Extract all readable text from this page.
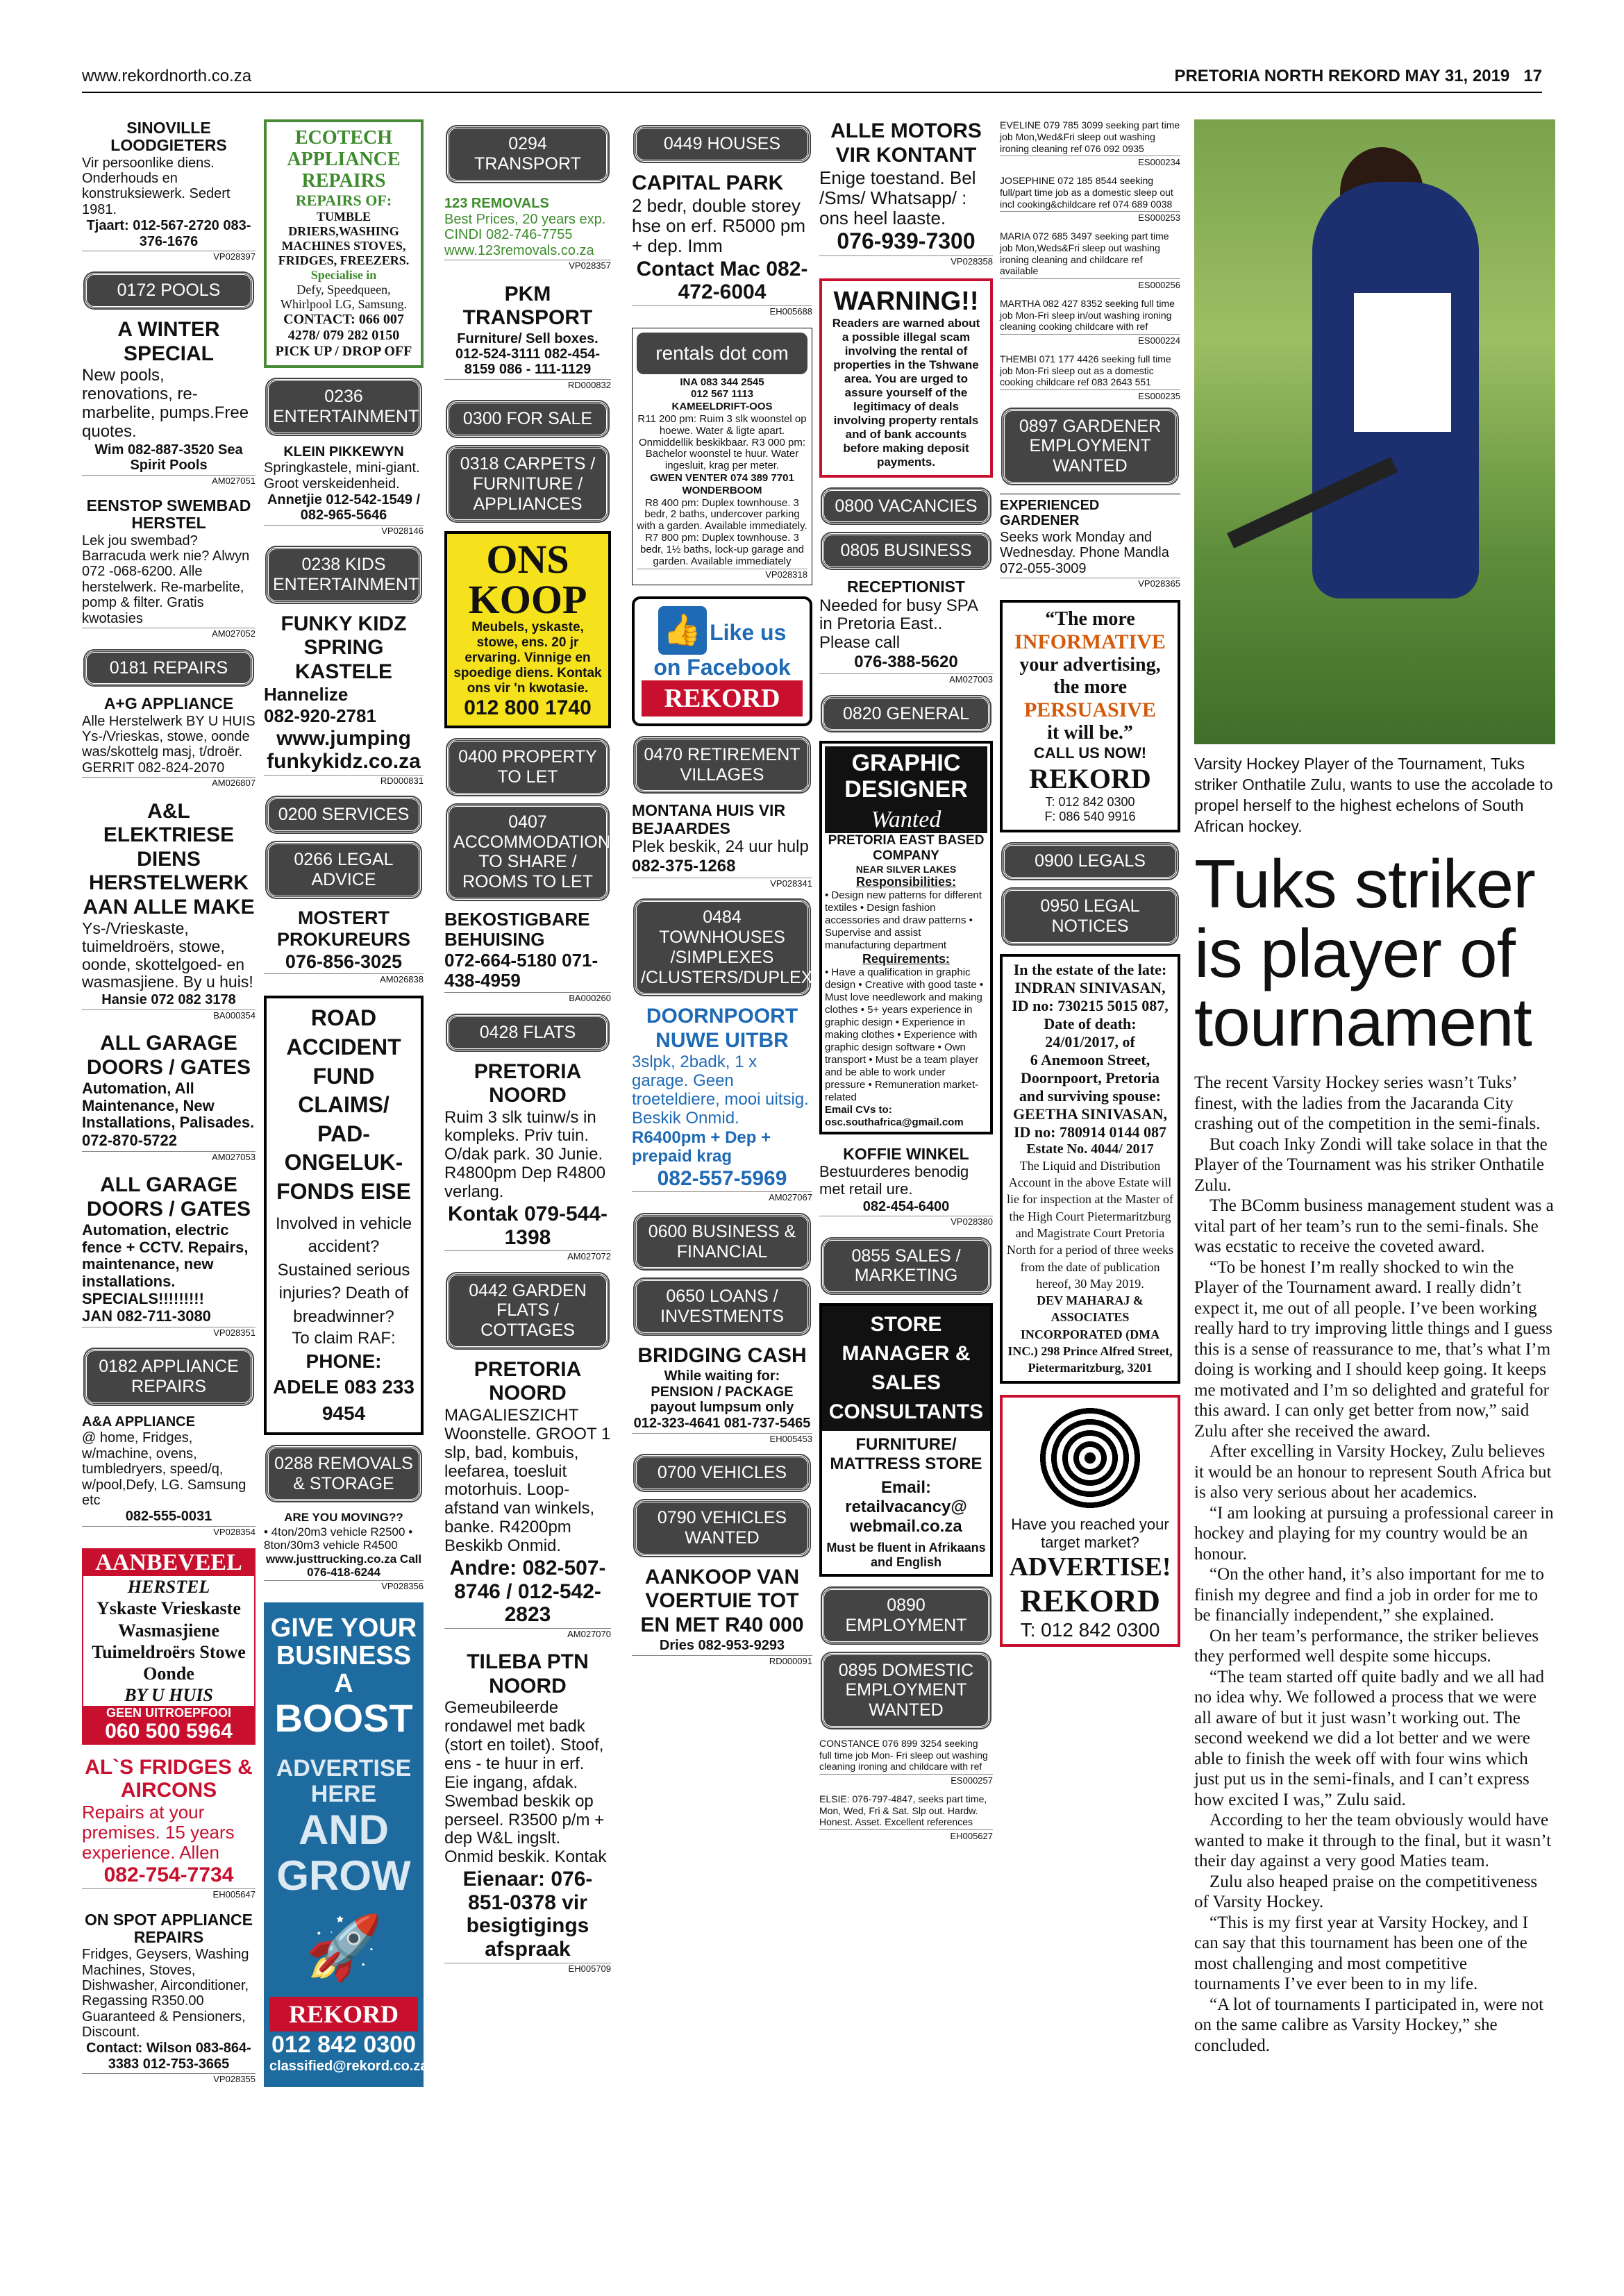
www.rekordnorth.co.za	PRETORIA NORTH REKORD MAY 31, 2019 17
SINOVILLE LOODGIETERS

Vir persoonlike diens. Onderhouds en konstruksiewerk. Sedert 1981.

Tjaart: 012-567-2720 083-376-1676

VP028397
0172 POOLS
A WINTER SPECIAL

New pools, renovations, re-marbelite, pumps.Free quotes.

Wim 082-887-3520 Sea Spirit Pools

AM027051
EENSTOP SWEMBAD HERSTEL

Lek jou swembad? Barracuda werk nie? Alwyn 072 -068-6200. Alle herstelwerk. Re-marbelite, pomp & filter. Gratis kwotasies

AM027052
0181 REPAIRS
A+G APPLIANCE

Alle Herstelwerk BY U HUIS Ys-/Vrieskas, stowe, oonde was/skottelg masj, t/droër. GERRIT 082-824-2070

AM026807
A&L ELEKTRIESE DIENS HERSTELWERK AAN ALLE MAKE

Ys-/Vrieskaste, tuimeldroërs, stowe, oonde, skottelgoed- en wasmasjiene. By u huis!

Hansie 072 082 3178

BA000354
ALL GARAGE DOORS / GATES

Automation, All Maintenance, New Installations, Palisades.

072-870-5722

AM027053
ALL GARAGE DOORS / GATES

Automation, electric fence + CCTV. Repairs, maintenance, new installations. SPECIALS!!!!!!!!!

JAN 082-711-3080

VP028351
0182 APPLIANCE REPAIRS

A&A APPLIANCE

@ home, Fridges, w/machine, ovens, tumbledryers, speed/q, w/pool,Defy, LG. Samsung etc

082-555-0031

VP028354
AANBEVEEL

HERSTEL

Yskaste Vrieskaste Wasmasjiene Tuimeldroërs Stowe Oonde

BY U HUIS

GEEN UITROEPFOOI
060 500 5964
AL`S FRIDGES & AIRCONS

Repairs at your premises. 15 years experience. Allen

082-754-7734

EH005647
ON SPOT APPLIANCE REPAIRS

Fridges, Geysers, Washing Machines, Stoves, Dishwasher, Airconditioner, Regassing R350.00 Guaranteed & Pensioners, Discount.

Contact: Wilson 083-864-3383 012-753-3665

VP028355
ECOTECH APPLIANCE REPAIRS
REPAIRS OF:
TUMBLE DRIERS,WASHING MACHINES STOVES, FRIDGES, FREEZERS.
Specialise in
Defy, Speedqueen, Whirlpool LG, Samsung.
CONTACT: 066 007 4278/ 079 282 0150
PICK UP / DROP OFF
0236 ENTERTAINMENT

KLEIN PIKKEWYN

Springkastele, mini-giant. Groot verskeidenheid.

Annetjie 012-542-1549 / 082-965-5646

VP028146
0238 KIDS ENTERTAINMENT
FUNKY KIDZ SPRING KASTELE

Hannelize

082-920-2781

www.jumping funkykidz.co.za

RD000831
0200 SERVICES
0266 LEGAL ADVICE
MOSTERT PROKUREURS

076-856-3025

AM026838
ROAD ACCIDENT FUND CLAIMS/ PAD-ONGELUK-FONDS EISE

Involved in vehicle accident? Sustained serious injuries? Death of breadwinner?

To claim RAF:

PHONE: ADELE 083 233 9454

0288 REMOVALS & STORAGE

ARE YOU MOVING??

• 4ton/20m3 vehicle R2500 • 8ton/30m3 vehicle R4500

www.justtrucking.co.za Call 076-418-6244

VP028356
GIVE YOUR BUSINESS A
BOOST
ADVERTISE HERE
AND GROW
🚀
REKORD
012 842 0300
classified@rekord.co.za
0294 TRANSPORT

123 REMOVALS

Best Prices, 20 years exp. CINDI 082-746-7755 www.123removals.co.za

VP028357
PKM TRANSPORT

Furniture/ Sell boxes. 012-524-3111 082-454- 8159 086 - 111-1129

RD000832
0300 FOR SALE
0318 CARPETS / FURNITURE / APPLIANCES
ONS KOOP

Meubels, yskaste, stowe, ens. 20 jr ervaring. Vinnige en spoedige diens. Kontak ons vir 'n kwotasie.

012 800 1740

0400 PROPERTY TO LET
0407 ACCOMMODATION TO SHARE / ROOMS TO LET

BEKOSTIGBARE BEHUISING

072-664-5180 071- 438-4959

BA000260
0428 FLATS
PRETORIA NOORD

Ruim 3 slk tuinw/s in kompleks. Priv tuin. O/dak park. 30 Junie. R4800pm Dep R4800 verlang.

Kontak 079-544-1398

AM027072
0442 GARDEN FLATS / COTTAGES
PRETORIA NOORD

MAGALIESZICHT Woonstelle. GROOT 1 slp, bad, kombuis, leefarea, toesluit motorhuis. Loop-afstand van winkels, banke. R4200pm Beskikb Onmid.

Andre: 082-507-8746 / 012-542-2823

AM027070
TILEBA PTN NOORD

Gemeubileerde rondawel met badk (stort en toilet). Stoof, ens - te huur in erf. Eie ingang, afdak. Swembad beskik op perseel. R3500 p/m + dep W&L ingslt. Onmid beskik. Kontak

Eienaar: 076-851-0378 vir besigtigings afspraak

EH005709
0449 HOUSES
CAPITAL PARK

2 bedr, double storey hse on erf. R5000 pm + dep. Imm

Contact Mac 082-472-6004

EH005688
rentals dot com

INA 083 344 2545

012 567 1113

KAMEELDRIFT-OOS

R11 200 pm: Ruim 3 slk woonstel op hoewe. Water & ligte apart. Onmiddellik beskikbaar. R3 000 pm: Bachelor woonstel te huur. Water ingesluit, krag per meter.

GWEN VENTER 074 389 7701

WONDERBOOM

R8 400 pm: Duplex townhouse. 3 bedr, 2 baths, undercover parking with a garden. Available immediately. R7 800 pm: Duplex townhouse. 3 bedr, 1½ baths, lock-up garage and garden. Available immediately

VP028318
👍 Like us
on Facebook
REKORD
0470 RETIREMENT VILLAGES
MONTANA HUIS VIR BEJAARDES

Plek beskik, 24 uur hulp

082-375-1268

VP028341
0484 TOWNHOUSES /SIMPLEXES /CLUSTERS/DUPLEXES
DOORNPOORT NUWE UITBR

3slpk, 2badk, 1 x garage. Geen troeteldiere, mooi uitsig. Beskik Onmid.

R6400pm + Dep + prepaid krag

082-557-5969

AM027067
0600 BUSINESS & FINANCIAL
0650 LOANS / INVESTMENTS
BRIDGING CASH

While waiting for: PENSION / PACKAGE payout lumpsum only

012-323-4641 081-737-5465

EH005453
0700 VEHICLES
0790 VEHICLES WANTED
AANKOOP VAN VOERTUIE TOT EN MET R40 000

Dries 082-953-9293

RD000091
ALLE MOTORS VIR KONTANT

Enige toestand. Bel /Sms/ Whatsapp/ : ons heel laaste.

076-939-7300

VP028358
WARNING!!

Readers are warned about a possible illegal scam involving the rental of properties in the Tshwane area. You are urged to assure yourself of the legitimacy of deals involving property rentals and of bank accounts before making deposit payments.

0800 VACANCIES
0805 BUSINESS
RECEPTIONIST

Needed for busy SPA in Pretoria East.. Please call

076-388-5620

AM027003
0820 GENERAL
GRAPHIC DESIGNER
Wanted
PRETORIA EAST BASED COMPANY
NEAR SILVER LAKES
Responsibilities:

• Design new patterns for different textiles • Design fashion accessories and draw patterns • Supervise and assist manufacturing department

Requirements:

• Have a qualification in graphic design • Creative with good taste • Must love needlework and making clothes • 5+ years experience in graphic design • Experience in making clothes • Experience with graphic design software • Own transport • Must be a team player and be able to work under pressure • Remuneration market-related

Email CVs to: osc.southafrica@gmail.com

KOFFIE WINKEL

Bestuurderes benodig met retail ure.

082-454-6400

VP028380
0855 SALES / MARKETING
STORE MANAGER & SALES CONSULTANTS

FURNITURE/ MATTRESS STORE

Email: retailvacancy@ webmail.co.za

Must be fluent in Afrikaans and English

0890 EMPLOYMENT
0895 DOMESTIC EMPLOYMENT WANTED

CONSTANCE 076 899 3254 seeking full time job Mon- Fri sleep out washing cleaning ironing and childcare with ref

ES000257

ELSIE: 076-797-4847, seeks part time, Mon, Wed, Fri & Sat. Slp out. Hardw. Honest. Asset. Excellent references

EH005627

EVELINE 079 785 3099 seeking part time job Mon,Wed&Fri sleep out washing ironing cleaning ref 076 092 0935

ES000234

JOSEPHINE 072 185 8544 seeking full/part time job as a domestic sleep out incl cooking&childcare ref 074 689 0038

ES000253

MARIA 072 685 3497 seeking part time job Mon,Weds&Fri sleep out washing ironing cleaning and childcare ref available

ES000256

MARTHA 082 427 8352 seeking full time job Mon-Fri sleep in/out washing ironing cleaning cooking childcare with ref

ES000224

THEMBI 071 177 4426 seeking full time job Mon-Fri sleep out as a domestic cooking childcare ref 083 2643 551

ES000235
0897 GARDENER EMPLOYMENT WANTED

EXPERIENCED GARDENER

Seeks work Monday and Wednesday. Phone Mandla 072-055-3009

VP028365
“The more
INFORMATIVE
your advertising, the more
PERSUASIVE
it will be.”
CALL US NOW!
REKORD
T: 012 842 0300
F: 086 540 9916
0900 LEGALS
0950 LEGAL NOTICES

In the estate of the late:

INDRAN SINIVASAN,

ID no: 730215 5015 087,

Date of death: 24/01/2017, of

6 Anemoon Street, Doornpoort, Pretoria and surviving spouse:

GEETHA SINIVASAN,

ID no: 780914 0144 087

Estate No. 4044/ 2017

The Liquid and Distribution Account in the above Estate will lie for inspection at the Master of the High Court Pietermaritzburg and Magistrate Court Pretoria North for a period of three weeks from the date of publication hereof, 30 May 2019.

DEV MAHARAJ & ASSOCIATES INCORPORATED (DMA INC.) 298 Prince Alfred Street, Pietermaritzburg, 3201

Have you reached your target market?

ADVERTISE!
REKORD
T: 012 842 0300
Varsity Hockey Player of the Tournament, Tuks striker Onthatile Zulu, wants to use the accolade to propel herself to the highest echelons of South African hockey.
Tuks striker is player of tournament

The recent Varsity Hockey series wasn’t Tuks’ finest, with the ladies from the Jacaranda City crashing out of the competition in the semi-finals.

But coach Inky Zondi will take solace in that the Player of the Tournament was his striker Onthatile Zulu.

The BComm business management student was a vital part of her team’s run to the semi-finals. She was ecstatic to receive the coveted award.

“To be honest I’m really shocked to win the Player of the Tournament award. I really didn’t expect it, me out of all people. I’ve been working really hard to try improving little things and I guess this is a sense of reassurance to me, that’s what I’m doing is working and I should keep going. It keeps me motivated and I’m so delighted and grateful for this award. I can only get better from now,” said Zulu after she received the award.

After excelling in Varsity Hockey, Zulu believes it would be an honour to represent South Africa but is also very serious about her academics.

“I am looking at pursuing a professional career in hockey and playing for my country would be an honour.

“On the other hand, it’s also important for me to finish my degree and find a job in order for me to be financially independent,” she explained.

On her team’s performance, the striker believes they performed well despite some hiccups.

“The team started off quite badly and we all had no idea why. We followed a process that we were all aware of but it just wasn’t working out. The second weekend we did a lot better and we were able to finish the week off with four wins which just put us in the semi-finals, and I can’t express how excited I was,” Zulu said.

According to her the team obviously would have wanted to make it through to the final, but it wasn’t their day against a very good Maties team.

Zulu also heaped praise on the competitiveness of Varsity Hockey.

“This is my first year at Varsity Hockey, and I can say that this tournament has been one of the most challenging and most competitive tournaments I’ve ever been to in my life.

“A lot of tournaments I participated in, were not on the same calibre as Varsity Hockey,” she concluded.
